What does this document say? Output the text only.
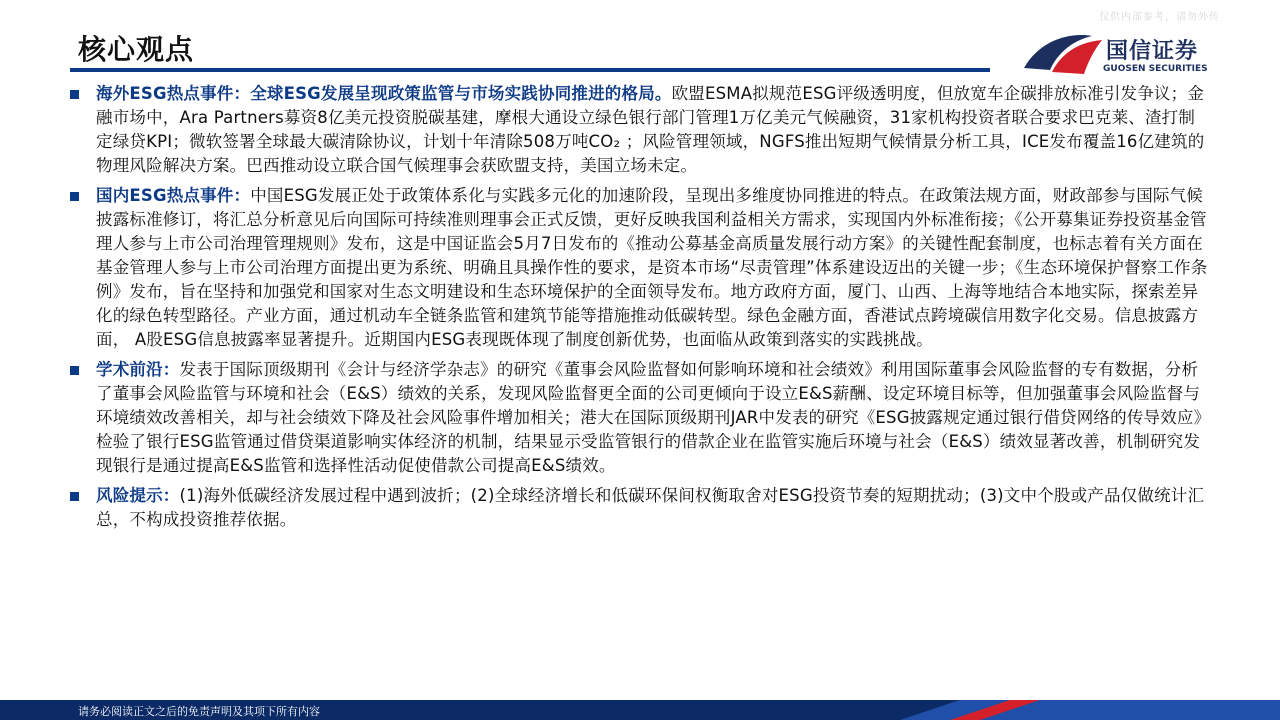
仅供内部参考，请勿外传
核心观点	国信证券
GUOSEN SECURITIES
海外ESG热点事件：全球ESG发展呈现政策监管与市场实践协同推进的格局。欧盟ESMA拟规范ESG评级透明度，但放宽车企碳排放标准引发争议；金融市场中，Ara Partners募资8亿美元投资脱碳基建，摩根大通设立绿色银行部门管理1万亿美元气候融资，31家机构投资者联合要求巴克莱、渣打制定绿贷KPI；微软签署全球最大碳清除协议，计划十年清除508万吨CO₂ ；风险管理领域，NGFS推出短期气候情景分析工具，ICE发布覆盖16亿建筑的物理风险解决方案。巴西推动设立联合国气候理事会获欧盟支持，美国立场未定。
国内ESG热点事件：中国ESG发展正处于政策体系化与实践多元化的加速阶段，呈现出多维度协同推进的特点。在政策法规方面，财政部参与国际气候披露标准修订，将汇总分析意见后向国际可持续准则理事会正式反馈，更好反映我国利益相关方需求，实现国内外标准衔接；《公开募集证券投资基金管理人参与上市公司治理管理规则》发布，这是中国证监会5月7日发布的《推动公募基金高质量发展行动方案》的关键性配套制度，也标志着有关方面在基金管理人参与上市公司治理方面提出更为系统、明确且具操作性的要求，是资本市场“尽责管理”体系建设迈出的关键一步；《生态环境保护督察工作条例》发布，旨在坚持和加强党和国家对生态文明建设和生态环境保护的全面领导发布。地方政府方面，厦门、山西、上海等地结合本地实际，探索差异化的绿色转型路径。产业方面，通过机动车全链条监管和建筑节能等措施推动低碳转型。绿色金融方面，香港试点跨境碳信用数字化交易。信息披露方面， A股ESG信息披露率显著提升。近期国内ESG表现既体现了制度创新优势，也面临从政策到落实的实践挑战。
学术前沿：发表于国际顶级期刊《会计与经济学杂志》的研究《董事会风险监督如何影响环境和社会绩效》利用国际董事会风险监督的专有数据，分析了董事会风险监管与环境和社会（E&S）绩效的关系，发现风险监督更全面的公司更倾向于设立E&S薪酬、设定环境目标等，但加强董事会风险监督与环境绩效改善相关，却与社会绩效下降及社会风险事件增加相关；港大在国际顶级期刊JAR中发表的研究《ESG披露规定通过银行借贷网络的传导效应》检验了银行ESG监管通过借贷渠道影响实体经济的机制，结果显示受监管银行的借款企业在监管实施后环境与社会（E&S）绩效显著改善，机制研究发现银行是通过提高E&S监管和选择性活动促使借款公司提高E&S绩效。
风险提示：(1)海外低碳经济发展过程中遇到波折；(2)全球经济增长和低碳环保间权衡取舍对ESG投资节奏的短期扰动；(3)文中个股或产品仅做统计汇总，不构成投资推荐依据。
请务必阅读正文之后的免责声明及其项下所有内容
